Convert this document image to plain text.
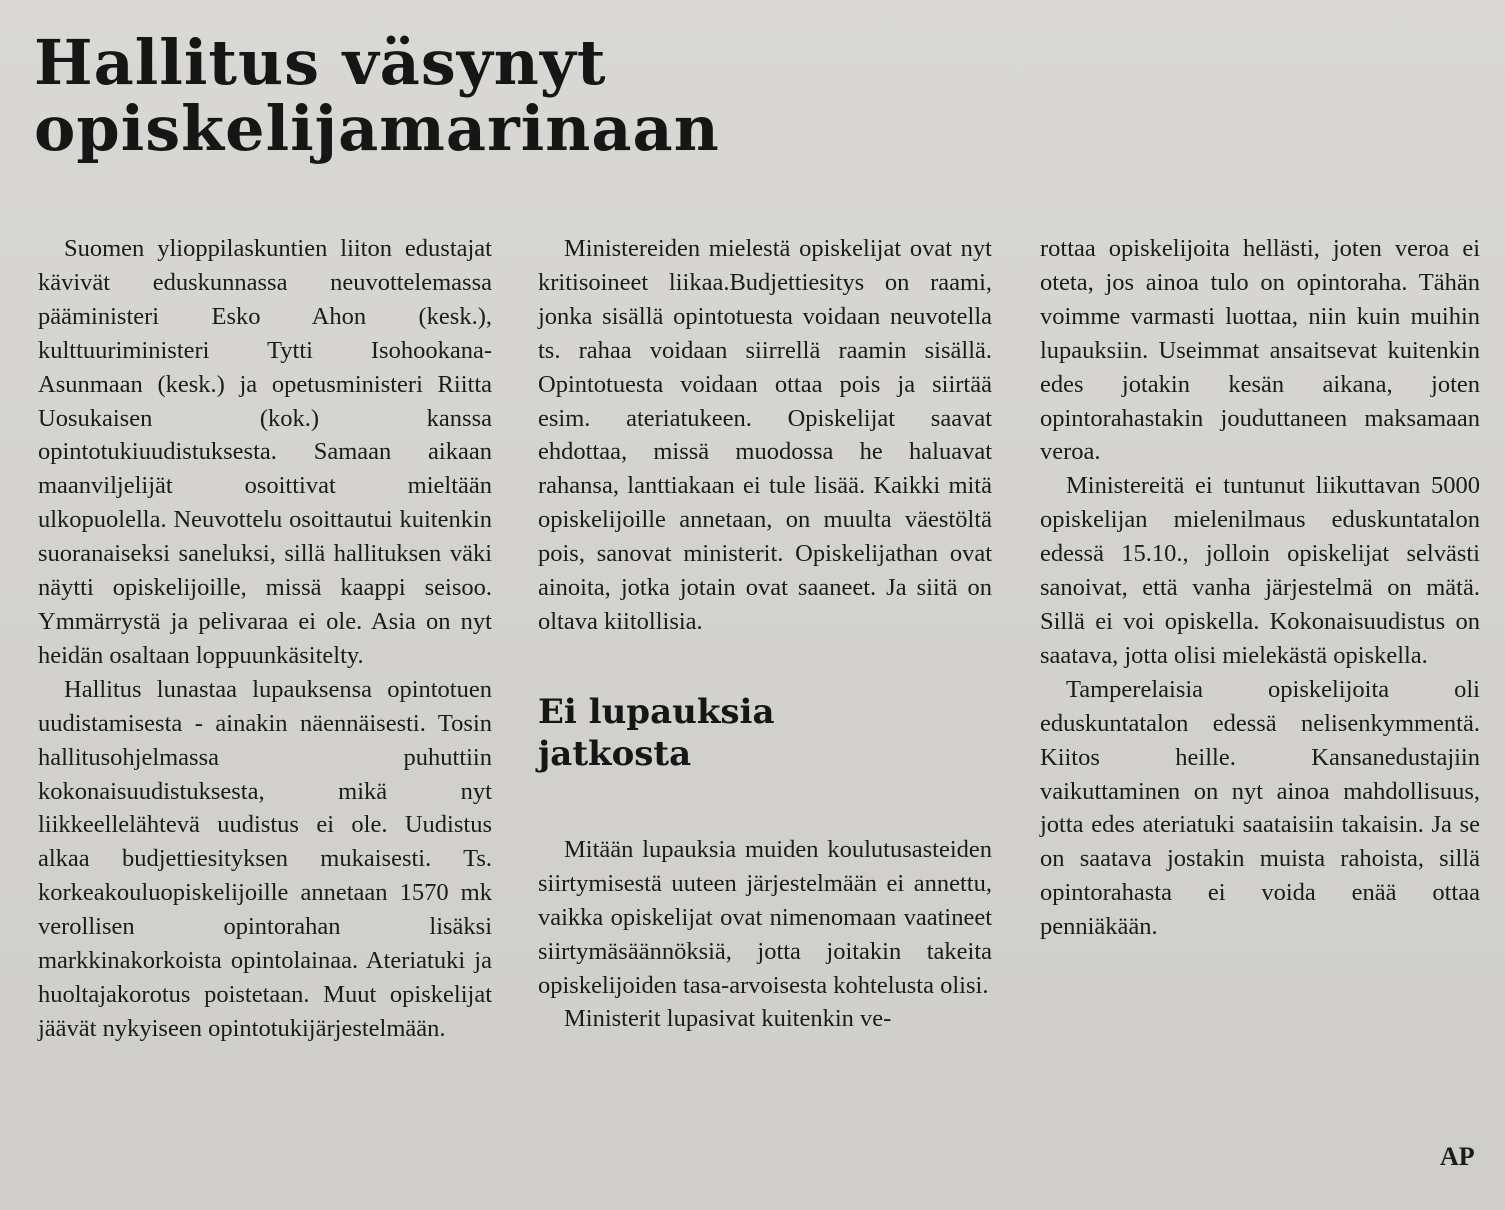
Hallitus väsynyt
opiskelijamarinaan

Suomen ylioppilaskuntien liiton edustajat kävivät eduskunnassa neuvottelemassa pääministeri Esko Ahon (kesk.), kulttuuriministeri Tytti Isohookana-Asunmaan (kesk.) ja opetusministeri Riitta Uosukaisen (kok.) kanssa opintotukiuudistuksesta. Samaan aikaan maanviljelijät osoittivat mieltään ulkopuolella. Neuvottelu osoittautui kuitenkin suoranaiseksi saneluksi, sillä hallituksen väki näytti opiskelijoille, missä kaappi seisoo. Ymmärrystä ja pelivaraa ei ole. Asia on nyt heidän osaltaan loppuunkäsitelty.

Hallitus lunastaa lupauksensa opintotuen uudistamisesta - ainakin näennäisesti. Tosin hallitusohjelmassa puhuttiin kokonaisuudistuksesta, mikä nyt liikkeellelähtevä uudistus ei ole. Uudistus alkaa budjettiesityksen mukaisesti. Ts. korkeakouluopiskelijoille annetaan 1570 mk verollisen opintorahan lisäksi markkinakorkoista opintolainaa. Ateriatuki ja huoltajakorotus poistetaan. Muut opiskelijat jäävät nykyiseen opintotukijärjestelmään.

Ministereiden mielestä opiskelijat ovat nyt kritisoineet liikaa.Budjettiesitys on raami, jonka sisällä opintotuesta voidaan neuvotella ts. rahaa voidaan siirrellä raamin sisällä. Opintotuesta voidaan ottaa pois ja siirtää esim. ateriatukeen. Opiskelijat saavat ehdottaa, missä muodossa he haluavat rahansa, lanttiakaan ei tule lisää. Kaikki mitä opiskelijoille annetaan, on muulta väestöltä pois, sanovat ministerit. Opiskelijathan ovat ainoita, jotka jotain ovat saaneet. Ja siitä on oltava kiitollisia.

Ei lupauksia
jatkosta

Mitään lupauksia muiden koulutusasteiden siirtymisestä uuteen järjestelmään ei annettu, vaikka opiskelijat ovat nimenomaan vaatineet siirtymäsäännöksiä, jotta joitakin takeita opiskelijoiden tasa-arvoisesta kohtelusta olisi.

Ministerit lupasivat kuitenkin ve-

rottaa opiskelijoita hellästi, joten veroa ei oteta, jos ainoa tulo on opintoraha. Tähän voimme varmasti luottaa, niin kuin muihin lupauksiin. Useimmat ansaitsevat kuitenkin edes jotakin kesän aikana, joten opintorahastakin jouduttaneen maksamaan veroa.

Ministereitä ei tuntunut liikuttavan 5000 opiskelijan mielenilmaus eduskuntatalon edessä 15.10., jolloin opiskelijat selvästi sanoivat, että vanha järjestelmä on mätä. Sillä ei voi opiskella. Kokonaisuudistus on saatava, jotta olisi mielekästä opiskella.

Tamperelaisia opiskelijoita oli eduskuntatalon edessä nelisenkymmentä. Kiitos heille. Kansanedustajiin vaikuttaminen on nyt ainoa mahdollisuus, jotta edes ateriatuki saataisiin takaisin. Ja se on saatava jostakin muista rahoista, sillä opintorahasta ei voida enää ottaa penniäkään.

AP
